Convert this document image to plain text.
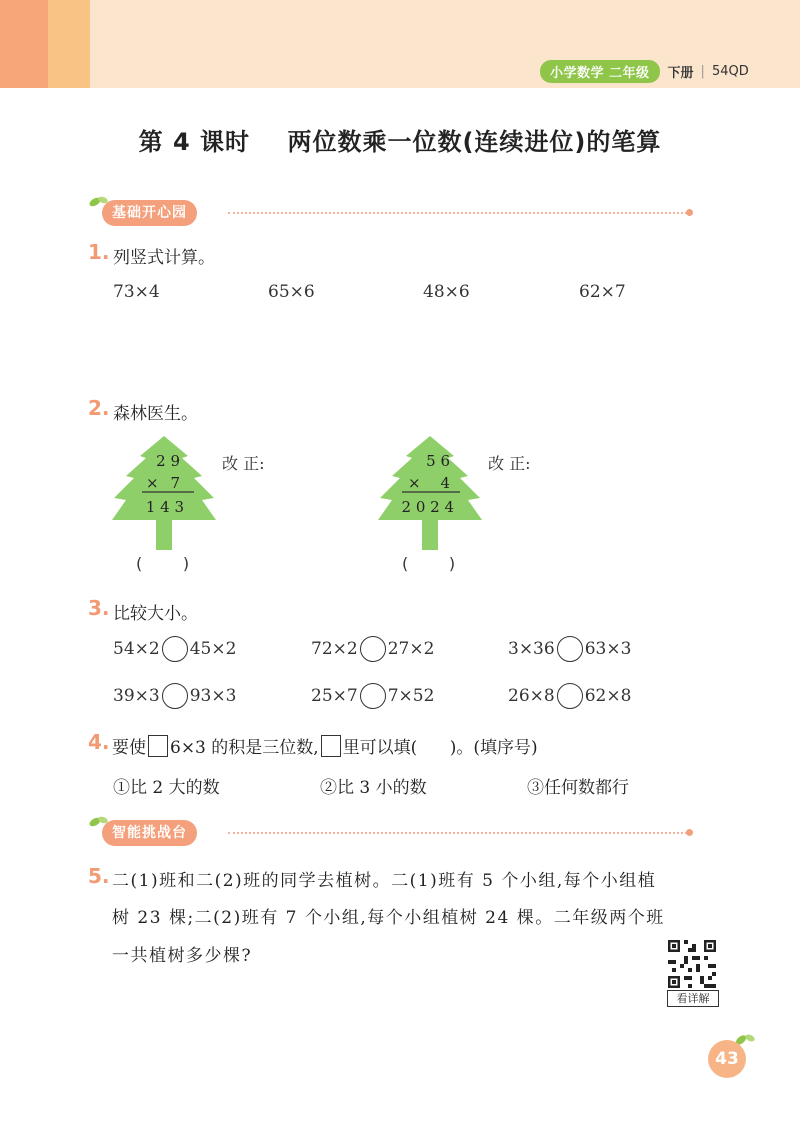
小学数学 二年级	下册 | 54QD
第 4 课时    两位数乘一位数(连续进位)的笔算
基础开心园
1. 列竖式计算。
73×4	65×6	48×6	62×7
2. 森林医生。
2 9
× 7
1 4 3
改 正:
(        )
5 6
× 4
2 0 2 4
改 正:
(        )
3. 比较大小。
54×2 45×2	72×2 27×2	3×36 63×3
39×3 93×3	25×7 7×52	26×8 62×8
4. 要使 6×3 的积是三位数, 里可以填(      )。(填序号)
①比 2 大的数	②比 3 小的数	③任何数都行
智能挑战台
5. 二(1)班和二(2)班的同学去植树。二(1)班有 5 个小组,每个小组植
树 23 棵;二(2)班有 7 个小组,每个小组植树 24 棵。二年级两个班
一共植树多少棵?
看详解
43
